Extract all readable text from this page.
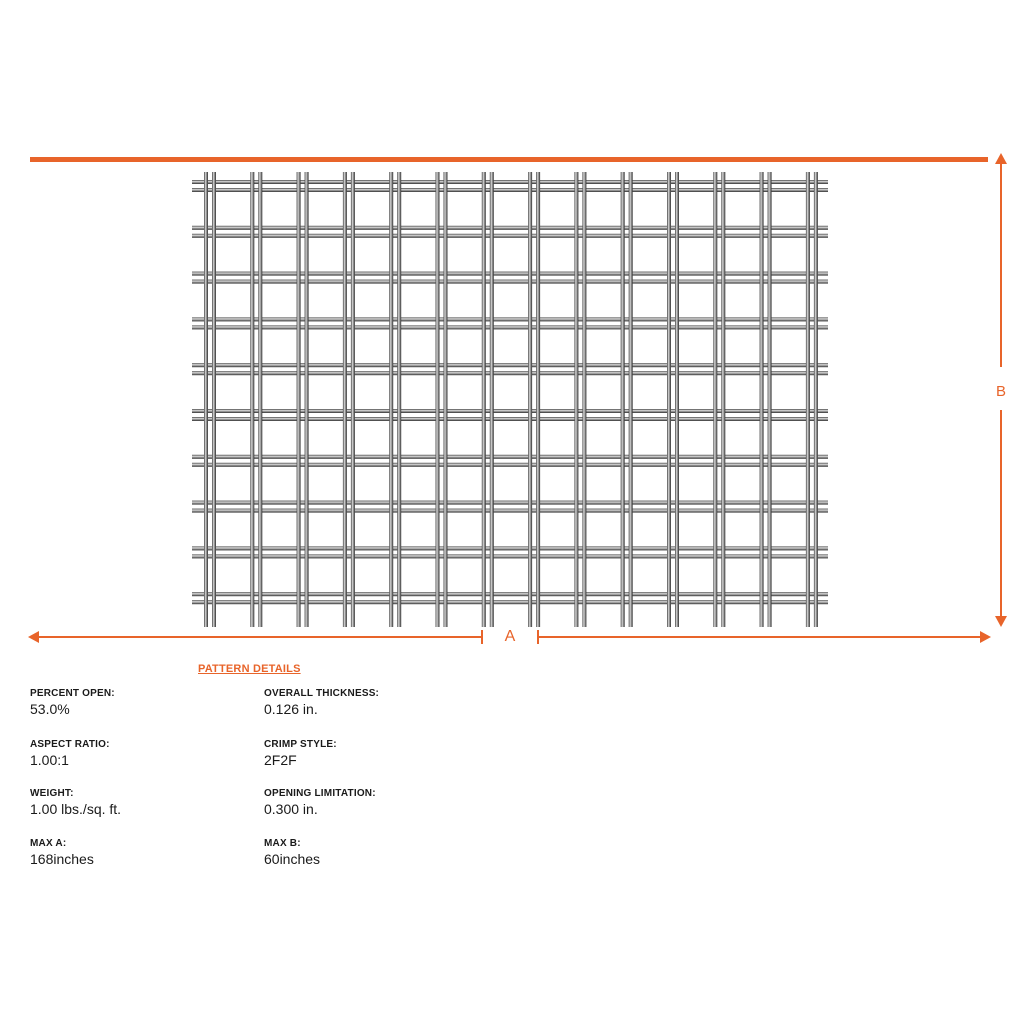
B
A
PATTERN DETAILS
PERCENT OPEN:
53.0%
OVERALL THICKNESS:
0.126 in.
ASPECT RATIO:
1.00:1
CRIMP STYLE:
2F2F
WEIGHT:
1.00 lbs./sq. ft.
OPENING LIMITATION:
0.300 in.
MAX A:
168inches
MAX B:
60inches
